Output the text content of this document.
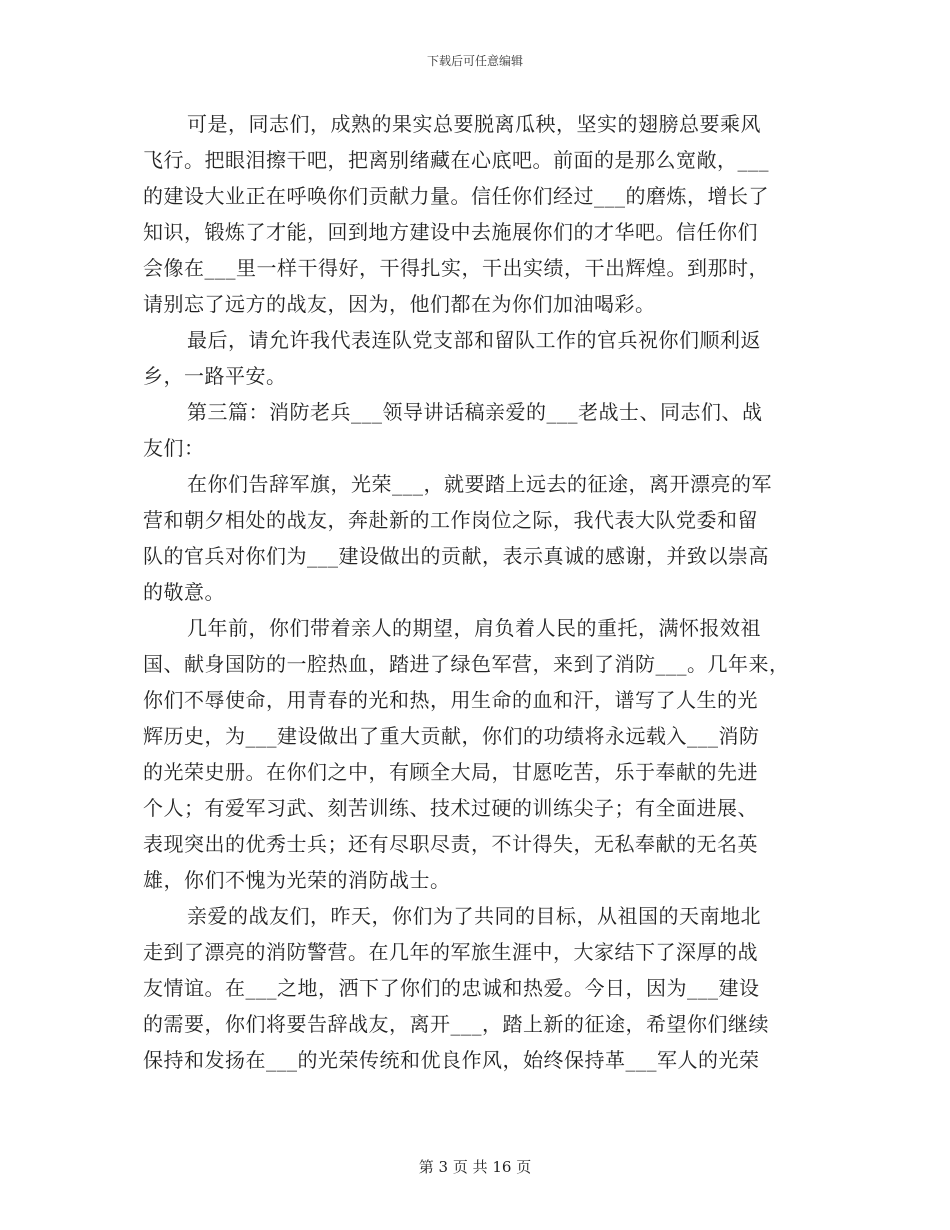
下载后可任意编辑
可是，同志们，成熟的果实总要脱离瓜秧，坚实的翅膀总要乘风
飞行。把眼泪擦干吧，把离别绪藏在心底吧。前面的是那么宽敞，___
的建设大业正在呼唤你们贡献力量。信任你们经过___的磨炼，增长了
知识，锻炼了才能，回到地方建设中去施展你们的才华吧。信任你们
会像在___里一样干得好，干得扎实，干出实绩，干出辉煌。到那时，
请别忘了远方的战友，因为，他们都在为你们加油喝彩。
最后，请允许我代表连队党支部和留队工作的官兵祝你们顺利返
乡，一路平安。
第三篇：消防老兵___领导讲话稿亲爱的___老战士、同志们、战
友们：
在你们告辞军旗，光荣___，就要踏上远去的征途，离开漂亮的军
营和朝夕相处的战友，奔赴新的工作岗位之际，我代表大队党委和留
队的官兵对你们为___建设做出的贡献，表示真诚的感谢，并致以崇高
的敬意。
几年前，你们带着亲人的期望，肩负着人民的重托，满怀报效祖
国、献身国防的一腔热血，踏进了绿色军营，来到了消防___。几年来，
你们不辱使命，用青春的光和热，用生命的血和汗，谱写了人生的光
辉历史，为___建设做出了重大贡献，你们的功绩将永远载入___消防
的光荣史册。在你们之中，有顾全大局，甘愿吃苦，乐于奉献的先进
个人；有爱军习武、刻苦训练、技术过硬的训练尖子；有全面进展、
表现突出的优秀士兵；还有尽职尽责，不计得失，无私奉献的无名英
雄，你们不愧为光荣的消防战士。
亲爱的战友们，昨天，你们为了共同的目标，从祖国的天南地北
走到了漂亮的消防警营。在几年的军旅生涯中，大家结下了深厚的战
友情谊。在___之地，洒下了你们的忠诚和热爱。今日，因为___建设
的需要，你们将要告辞战友，离开___，踏上新的征途，希望你们继续
保持和发扬在___的光荣传统和优良作风，始终保持革___军人的光荣
第 3 页 共 16 页
